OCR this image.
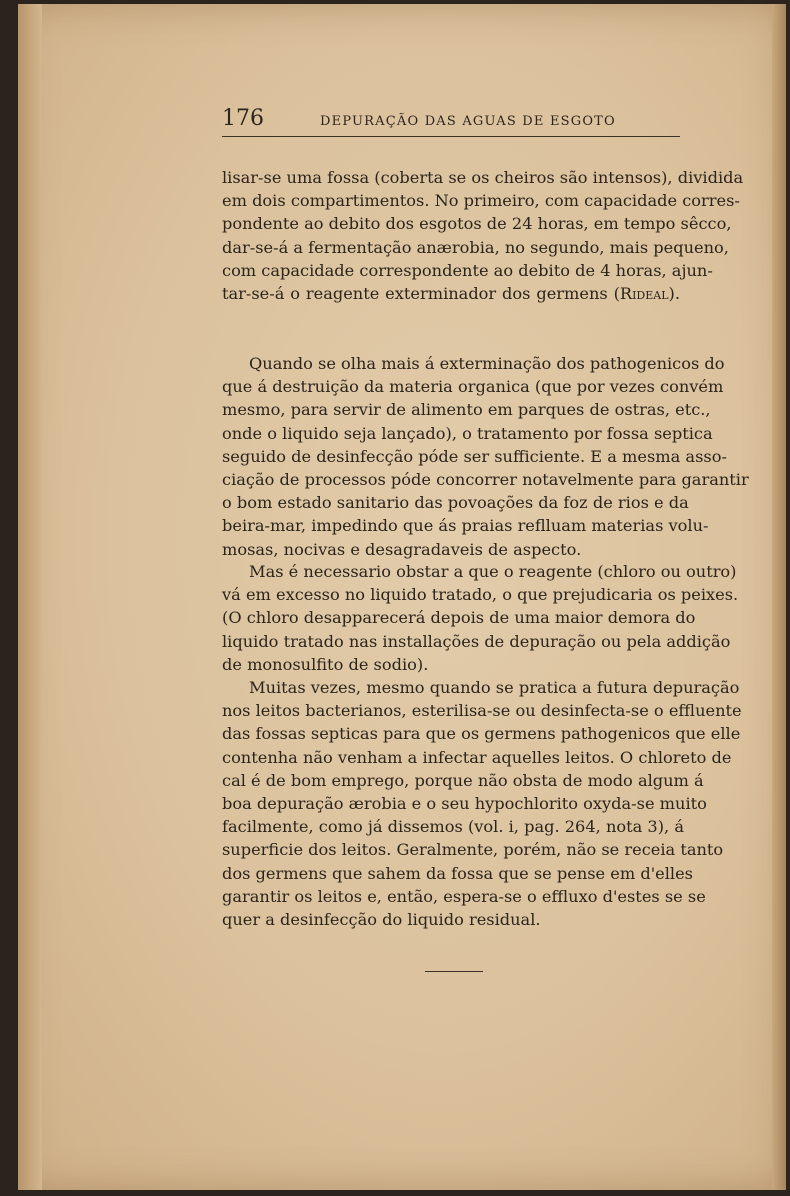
176	DEPURAÇÃO DAS AGUAS DE ESGOTO
lisar-se uma fossa (coberta se os cheiros são intensos), dividida
em dois compartimentos. No primeiro, com capacidade corres-
pondente ao debito dos esgotos de 24 horas, em tempo sêcco,
dar-se-á a fermentação anærobia, no segundo, mais pequeno,
com capacidade correspondente ao debito de 4 horas, ajun-
tar-se-á o reagente exterminador dos germens (Rideal).
Quando se olha mais á exterminação dos pathogenicos do
que á destruição da materia organica (que por vezes convém
mesmo, para servir de alimento em parques de ostras, etc.,
onde o liquido seja lançado), o tratamento por fossa septica
seguido de desinfecção póde ser sufficiente. E a mesma asso-
ciação de processos póde concorrer notavelmente para garantir
o bom estado sanitario das povoações da foz de rios e da
beira-mar, impedindo que ás praias reflluam materias volu-
mosas, nocivas e desagradaveis de aspecto.
Mas é necessario obstar a que o reagente (chloro ou outro)
vá em excesso no liquido tratado, o que prejudicaria os peixes.
(O chloro desapparecerá depois de uma maior demora do
liquido tratado nas installações de depuração ou pela addição
de monosulfito de sodio).
Muitas vezes, mesmo quando se pratica a futura depuração
nos leitos bacterianos, esterilisa-se ou desinfecta-se o effluente
das fossas septicas para que os germens pathogenicos que elle
contenha não venham a infectar aquelles leitos. O chloreto de
cal é de bom emprego, porque não obsta de modo algum á
boa depuração ærobia e o seu hypochlorito oxyda-se muito
facilmente, como já dissemos (vol. i, pag. 264, nota 3), á
superficie dos leitos. Geralmente, porém, não se receia tanto
dos germens que sahem da fossa que se pense em d'elles
garantir os leitos e, então, espera-se o effluxo d'estes se se
quer a desinfecção do liquido residual.
